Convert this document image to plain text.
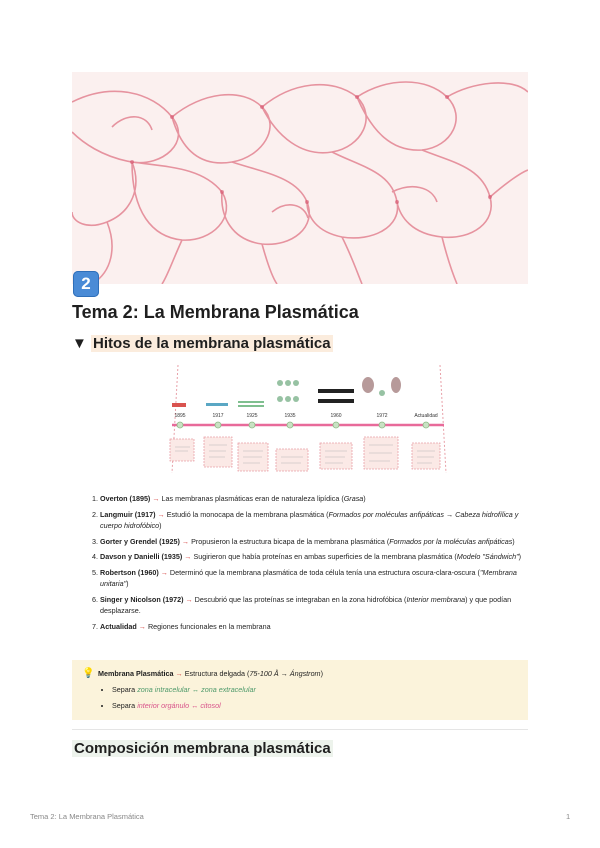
2
Tema 2: La Membrana Plasmática
▼ Hitos de la membrana plasmática
1895	1917	1925	1935	1960	1972	Actualidad
1. Overton (1895) → Las membranas plasmáticas eran de naturaleza lipídica (Grasa)
2. Langmuir (1917) → Estudió la monocapa de la membrana plasmática (Formados por moléculas anfipáticas → Cabeza hidrofílica y cuerpo hidrofóbico)
3. Gorter y Grendel (1925) → Propusieron la estructura bicapa de la membrana plasmática (Formados por la moléculas anfipáticas)
4. Davson y Danielli (1935) → Sugirieron que había proteínas en ambas superficies de la membrana plasmática (Modelo "Sándwich")
5. Robertson (1960) → Determinó que la membrana plasmática de toda célula tenía una estructura oscura-clara-oscura ("Membrana unitaria")
6. Singer y Nicolson (1972) → Descubrió que las proteínas se integraban en la zona hidrofóbica (Interior membrana) y que podían desplazarse.
7. Actualidad → Regiones funcionales en la membrana
💡 Membrana Plasmática → Estructura delgada (75-100 Å → Ángstrom)
• Separa zona intracelular ↔ zona extracelular
• Separa interior orgánulo ↔ citosol
Composición membrana plasmática
Tema 2: La Membrana Plasmática	1
